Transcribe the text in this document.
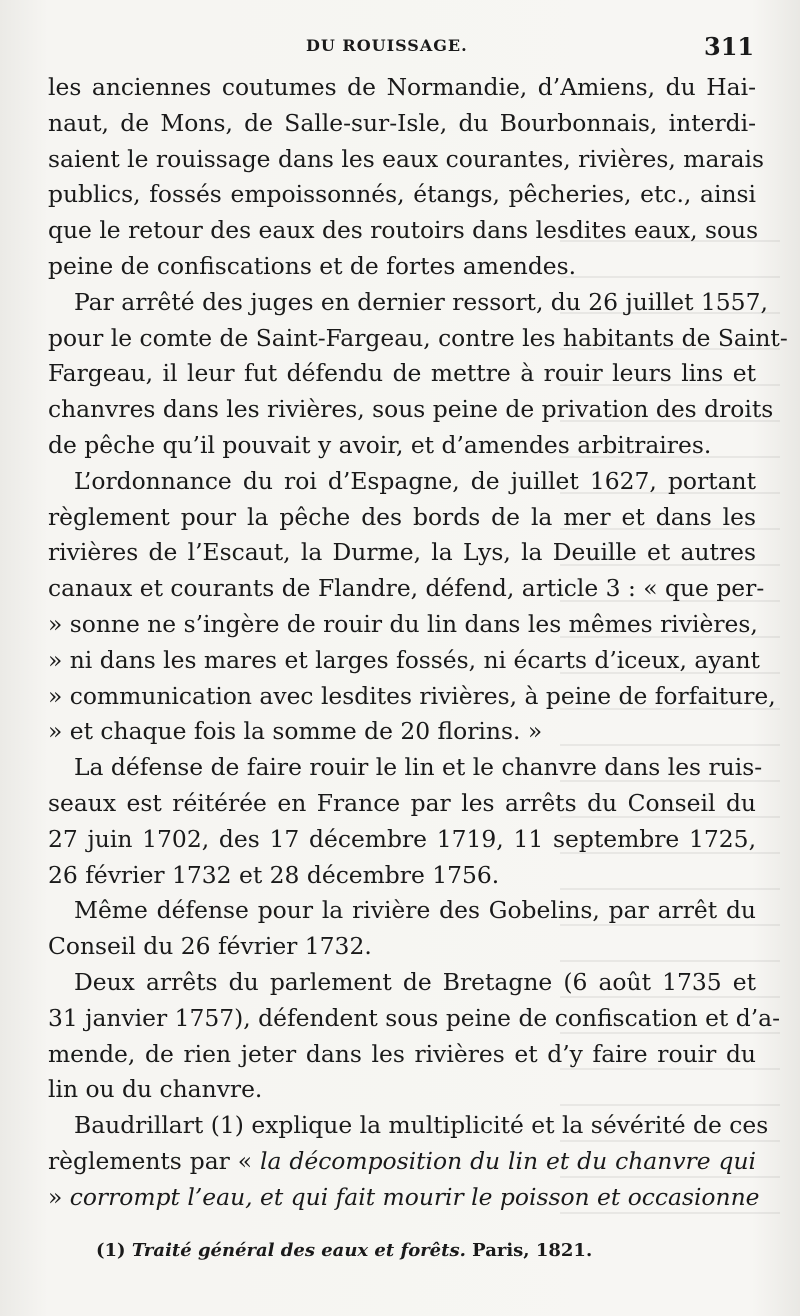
DU ROUISSAGE.	311
les anciennes coutumes de Normandie, d’Amiens, du Hai-
naut, de Mons, de Salle-sur-Isle, du Bourbonnais, interdi-
saient le rouissage dans les eaux courantes, rivières, marais
publics, fossés empoissonnés, étangs, pêcheries, etc., ainsi
que le retour des eaux des routoirs dans lesdites eaux, sous
peine de confiscations et de fortes amendes.
Par arrêté des juges en dernier ressort, du 26 juillet 1557,
pour le comte de Saint-Fargeau, contre les habitants de Saint-
Fargeau, il leur fut défendu de mettre à rouir leurs lins et
chanvres dans les rivières, sous peine de privation des droits
de pêche qu’il pouvait y avoir, et d’amendes arbitraires.
L’ordonnance du roi d’Espagne, de juillet 1627, portant
règlement pour la pêche des bords de la mer et dans les
rivières de l’Escaut, la Durme, la Lys, la Deuille et autres
canaux et courants de Flandre, défend, article 3 : « que per-
» sonne ne s’ingère de rouir du lin dans les mêmes rivières,
» ni dans les mares et larges fossés, ni écarts d’iceux, ayant
» communication avec lesdites rivières, à peine de forfaiture,
» et chaque fois la somme de 20 florins. »
La défense de faire rouir le lin et le chanvre dans les ruis-
seaux est réitérée en France par les arrêts du Conseil du
27 juin 1702, des 17 décembre 1719, 11 septembre 1725,
26 février 1732 et 28 décembre 1756.
Même défense pour la rivière des Gobelins, par arrêt du
Conseil du 26 février 1732.
Deux arrêts du parlement de Bretagne (6 août 1735 et
31 janvier 1757), défendent sous peine de confiscation et d’a-
mende, de rien jeter dans les rivières et d’y faire rouir du
lin ou du chanvre.
Baudrillart (1) explique la multiplicité et la sévérité de ces
règlements par « la décomposition du lin et du chanvre qui
» corrompt l’eau, et qui fait mourir le poisson et occasionne
(1) Traité général des eaux et forêts. Paris, 1821.
